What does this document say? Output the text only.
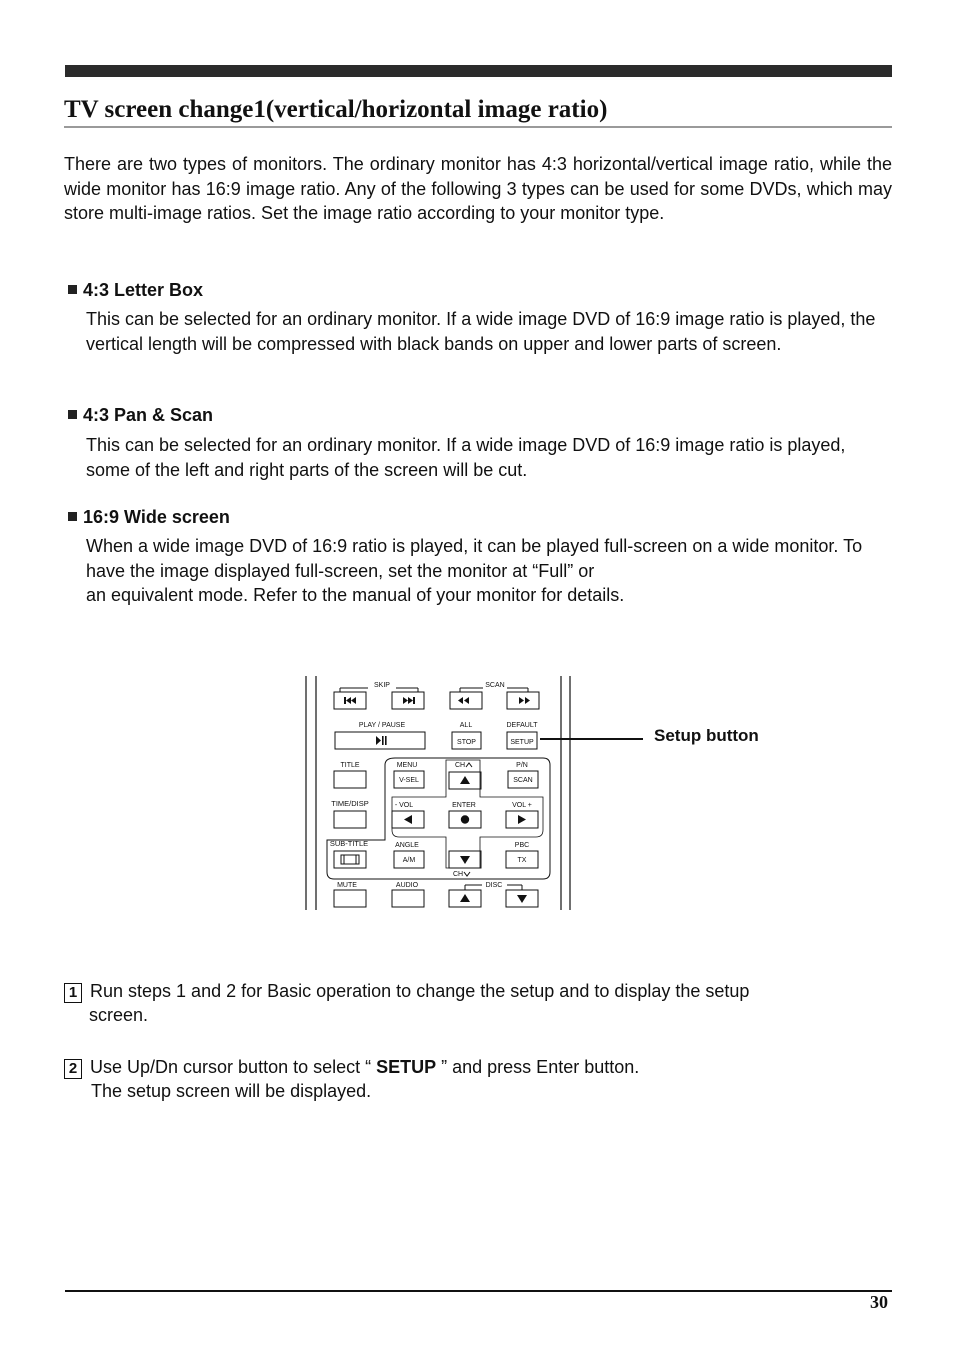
TV screen change1(vertical/horizontal image ratio)

There are two types of monitors. The ordinary monitor has 4:3 horizontal/vertical image ratio, while the wide monitor has 16:9 image ratio. Any of the following 3 types can be used for some DVDs, which may store multi-image ratios. Set the image ratio according to your monitor type.

4:3 Letter Box

This can be selected for an ordinary monitor. If a wide image DVD of 16:9 image ratio is played, the vertical length will be compressed with black bands on upper and lower parts of screen.

4:3 Pan & Scan

This can be selected for an ordinary monitor. If a wide image DVD of 16:9 image ratio is played, some of the left and right parts of the screen will be cut.

16:9 Wide screen

When a wide image DVD of 16:9 ratio is played, it can be played full-screen on a wide monitor. To have the image displayed full-screen, set the monitor at “Full” or
an equivalent mode. Refer to the manual of your monitor for details.

SKIP	SCAN
PLAY / PAUSE	ALL
STOP
DEFAULT
SETUP
TITLE	MENU
V-SEL
CH	P/N
SCAN
TIME/DISP	- VOL	ENTER	VOL +
SUB-TITLE	ANGLE
A/M
CH
PBC
TX
MUTE	AUDIO	DISC

Setup button

1 Run steps 1 and 2 for Basic operation to change the setup and to display the setup
screen.
2 Use Up/Dn cursor button to select “ SETUP ” and press Enter button.
The setup screen will be displayed.

30
